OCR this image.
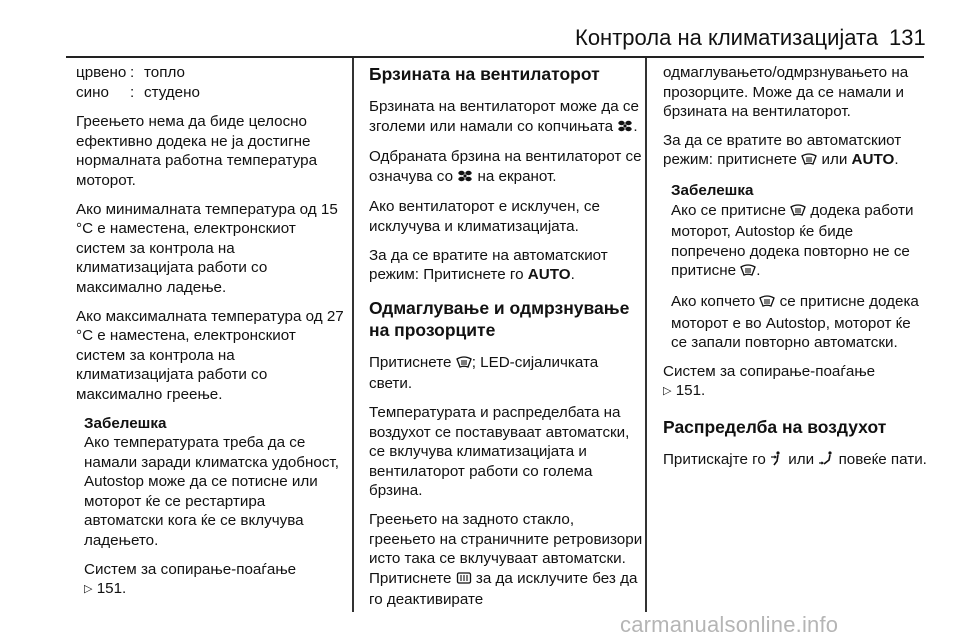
Контрола на климатизацијата 131
црвено : топло
сино	: студено

Греењето нема да биде целосно ефективно додека не ја достигне нормалната работна температура моторот.

Ако минималната температура од 15 °C е наместена, електронскиот систем за контрола на климатизацијата работи со максимално ладење.

Ако максималната температура од 27 °C е наместена, електронскиот систем за контрола на климатизацијата работи со максимално греење.

Забелешка

Ако температурата треба да се намали заради климатска удобност, Autostop може да се потисне или моторот ќе се рестартира автоматски кога ќе се вклучува ладењето.

Систем за сопирање-поаѓање
▷ 151.

Брзината на вентилаторот

Брзината на вентилаторот може да се зголеми или намали со копчињата .

Одбраната брзина на вентилаторот се означува со на екранот.

Ако вентилаторот е исклучен, се исклучува и климатизацијата.

За да се вратите на автоматскиот режим: Притиснете го AUTO.

Одмаглување и одмрзнување на прозорците

Притиснете ; LED-сијаличката свети.

Температурата и распределбата на воздухот се поставуваат автоматски, се вклучува климатизацијата и вентилаторот работи со голема брзина.

Греењето на задното стакло, греењето на страничните ретровизори исто така се вклучуваат автоматски.
Притиснете за да исклучите без да го деактивирате

одмаглувањето/одмрзнувањето на прозорците. Може да се намали и брзината на вентилаторот.

За да се вратите во автоматскиот режим: притиснете или AUTO.

Забелешка

Ако се притисне додека работи моторот, Autostop ќе биде попречено додека повторно не се притисне .

Ако копчето се притисне додека моторот е во Autostop, моторот ќе се запали повторно автоматски.

Систем за сопирање-поаѓање
▷ 151.

Распределба на воздухот

Притискајте го или повеќе пати.

carmanualsonline.info
